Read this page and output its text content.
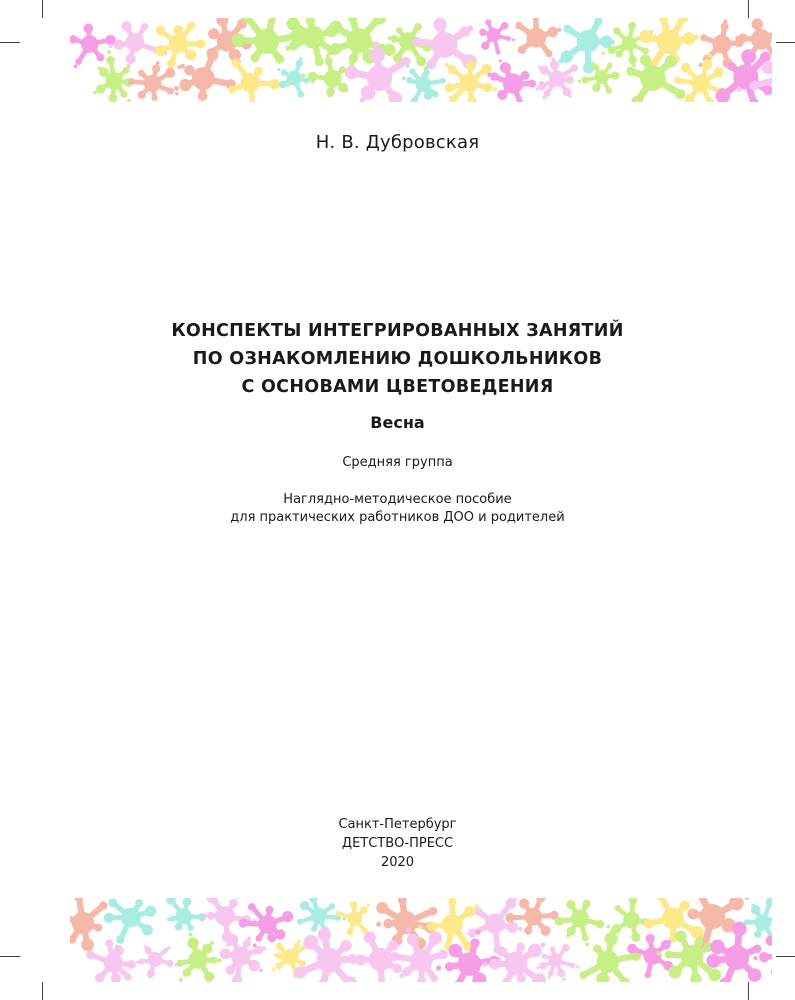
Н. В. Дубровская
КОНСПЕКТЫ ИНТЕГРИРОВАННЫХ ЗАНЯТИЙ
ПО ОЗНАКОМЛЕНИЮ ДОШКОЛЬНИКОВ
С ОСНОВАМИ ЦВЕТОВЕДЕНИЯ
Весна
Средняя группа
Наглядно-методическое пособие
для практических работников ДОО и родителей
Санкт-Петербург
ДЕТСТВО-ПРЕСС
2020
